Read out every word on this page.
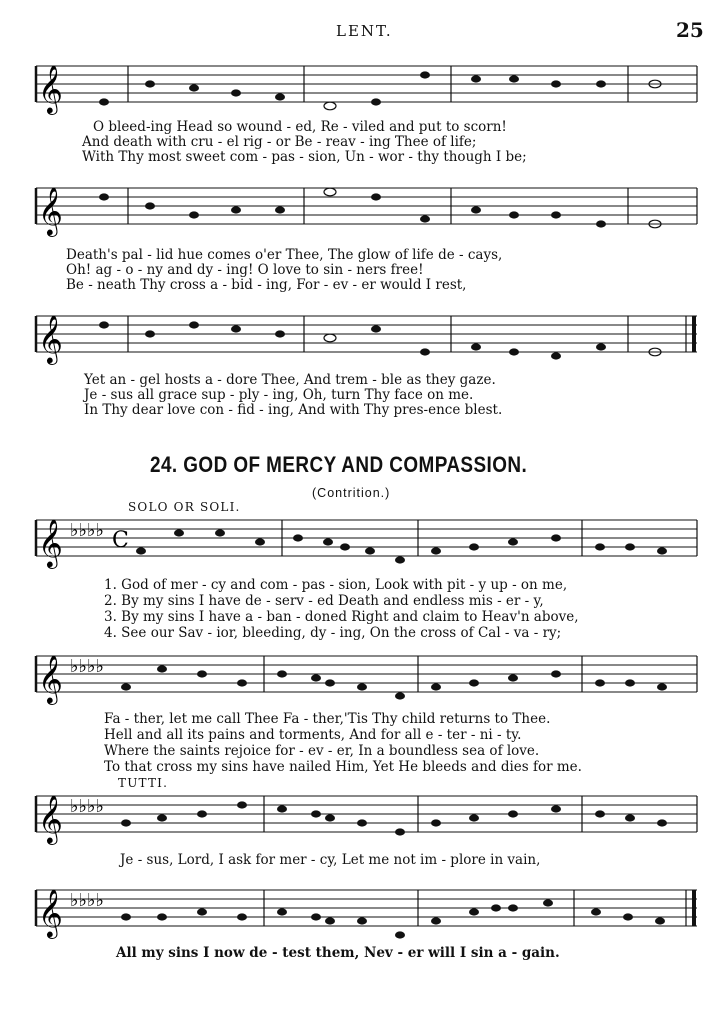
LENT.	25
𝄞
O bleed-ing Head so wound - ed, Re - viled and put to scorn!
And death with cru - el rig - or Be - reav - ing Thee of life;
With Thy most sweet com - pas - sion, Un - wor - thy though I be;
𝄞
Death's pal - lid hue comes o'er Thee, The glow of life de - cays,
Oh! ag - o - ny and dy - ing! O love to sin - ners free!
Be - neath Thy cross a - bid - ing, For - ev - er would I rest,
𝄞
Yet an - gel hosts a - dore Thee, And trem - ble as they gaze.
Je - sus all grace sup - ply - ing, Oh, turn Thy face on me.
In Thy dear love con - fid - ing, And with Thy pres-ence blest.
24. GOD OF MERCY AND COMPASSION.
(Contrition.)
SOLO OR SOLI.
𝄞 ♭♭♭♭ C
1. God of mer - cy and com - pas - sion, Look with pit - y up - on me,
2. By my sins I have de - serv - ed Death and endless mis - er - y,
3. By my sins I have a - ban - doned Right and claim to Heav'n above,
4. See our Sav - ior, bleeding, dy - ing, On the cross of Cal - va - ry;
𝄞 ♭♭♭♭
Fa - ther, let me call Thee Fa - ther,'Tis Thy child returns to Thee.
Hell and all its pains and torments, And for all e - ter - ni - ty.
Where the saints rejoice for - ev - er, In a boundless sea of love.
To that cross my sins have nailed Him, Yet He bleeds and dies for me.
TUTTI.
𝄞 ♭♭♭♭
Je - sus, Lord, I ask for mer - cy, Let me not im - plore in vain,
𝄞 ♭♭♭♭
All my sins I now de - test them, Nev - er will I sin a - gain.
